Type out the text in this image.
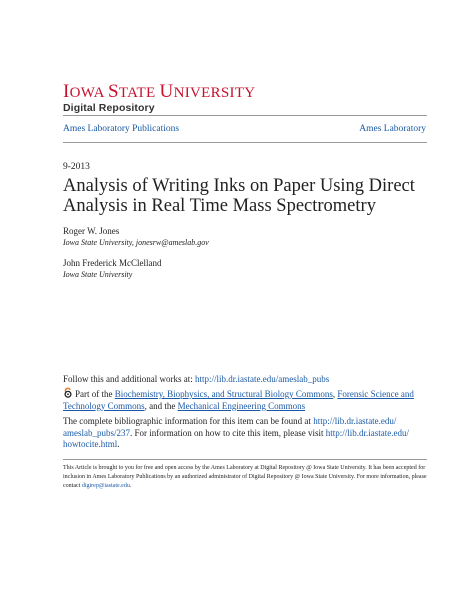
IOWA STATE UNIVERSITY
Digital Repository
Ames Laboratory Publications	Ames Laboratory
9-2013
Analysis of Writing Inks on Paper Using Direct Analysis in Real Time Mass Spectrometry
Roger W. Jones
Iowa State University, jonesrw@ameslab.gov
John Frederick McClelland
Iowa State University
Follow this and additional works at: http://lib.dr.iastate.edu/ameslab_pubs
Part of the Biochemistry, Biophysics, and Structural Biology Commons, Forensic Science and
Technology Commons, and the Mechanical Engineering Commons
The complete bibliographic information for this item can be found at http://lib.dr.iastate.edu/
ameslab_pubs/237. For information on how to cite this item, please visit http://lib.dr.iastate.edu/
howtocite.html.
This Article is brought to you for free and open access by the Ames Laboratory at Digital Repository @ Iowa State University. It has been accepted for inclusion in Ames Laboratory Publications by an authorized administrator of Digital Repository @ Iowa State University. For more information, please contact digirep@iastate.edu.
